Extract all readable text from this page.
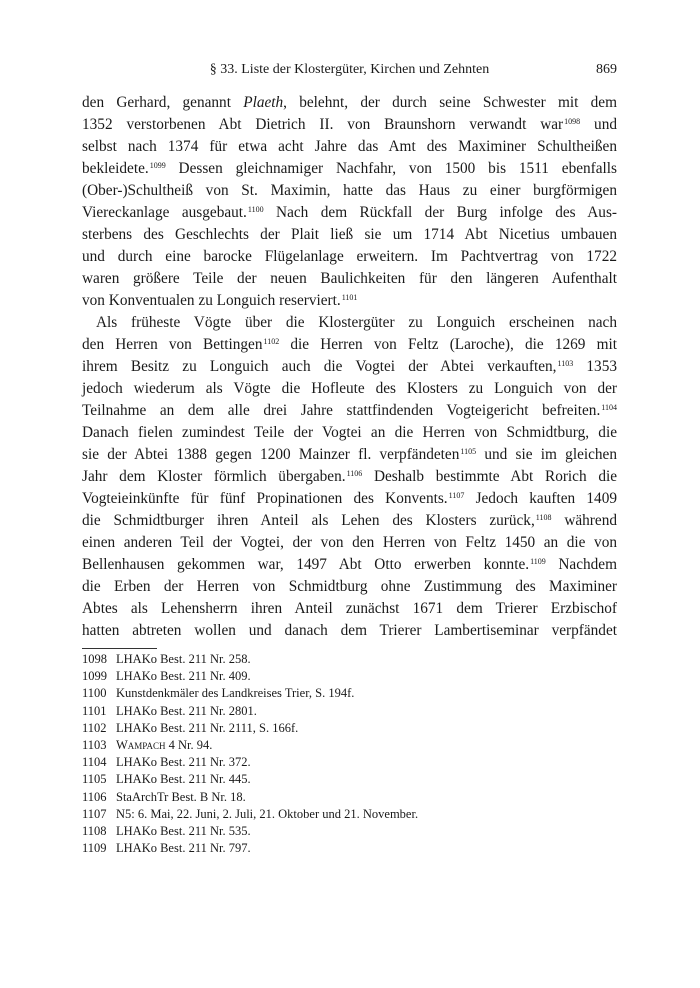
§ 33. Liste der Klostergüter, Kirchen und Zehnten	869
den Gerhard, genannt Plaeth, belehnt, der durch seine Schwester mit dem
1352 verstorbenen Abt Dietrich II. von Braunshorn verwandt war$^{1098}$ und
selbst nach 1374 für etwa acht Jahre das Amt des Maximiner Schultheißen
bekleidete.$^{1099}$ Dessen gleichnamiger Nachfahr, von 1500 bis 1511 ebenfalls
(Ober-)Schultheiß von St. Maximin, hatte das Haus zu einer burgförmigen
Viereckanlage ausgebaut.$^{1100}$ Nach dem Rückfall der Burg infolge des Aus-
sterbens des Geschlechts der Plait ließ sie um 1714 Abt Nicetius umbauen
und durch eine barocke Flügelanlage erweitern. Im Pachtvertrag von 1722
waren größere Teile der neuen Baulichkeiten für den längeren Aufenthalt
von Konventualen zu Longuich reserviert.$^{1101}$
Als früheste Vögte über die Klostergüter zu Longuich erscheinen nach
den Herren von Bettingen$^{1102}$ die Herren von Feltz (Laroche), die 1269 mit
ihrem Besitz zu Longuich auch die Vogtei der Abtei verkauften,$^{1103}$ 1353
jedoch wiederum als Vögte die Hofleute des Klosters zu Longuich von der
Teilnahme an dem alle drei Jahre stattfindenden Vogteigericht befreiten.$^{1104}$
Danach fielen zumindest Teile der Vogtei an die Herren von Schmidtburg, die
sie der Abtei 1388 gegen 1200 Mainzer fl. verpfändeten$^{1105}$ und sie im gleichen
Jahr dem Kloster förmlich übergaben.$^{1106}$ Deshalb bestimmte Abt Rorich die
Vogteieinkünfte für fünf Propinationen des Konvents.$^{1107}$ Jedoch kauften 1409
die Schmidtburger ihren Anteil als Lehen des Klosters zurück,$^{1108}$ während
einen anderen Teil der Vogtei, der von den Herren von Feltz 1450 an die von
Bellenhausen gekommen war, 1497 Abt Otto erwerben konnte.$^{1109}$ Nachdem
die Erben der Herren von Schmidtburg ohne Zustimmung des Maximiner
Abtes als Lehensherrn ihren Anteil zunächst 1671 dem Trierer Erzbischof
hatten abtreten wollen und danach dem Trierer Lambertiseminar verpfändet
1098 LHAKo Best. 211 Nr. 258.
1099 LHAKo Best. 211 Nr. 409.
1100 Kunstdenkmäler des Landkreises Trier, S. 194f.
1101 LHAKo Best. 211 Nr. 2801.
1102 LHAKo Best. 211 Nr. 2111, S. 166f.
1103 Wampach 4 Nr. 94.
1104 LHAKo Best. 211 Nr. 372.
1105 LHAKo Best. 211 Nr. 445.
1106 StaArchTr Best. B Nr. 18.
1107 N5: 6. Mai, 22. Juni, 2. Juli, 21. Oktober und 21. November.
1108 LHAKo Best. 211 Nr. 535.
1109 LHAKo Best. 211 Nr. 797.
